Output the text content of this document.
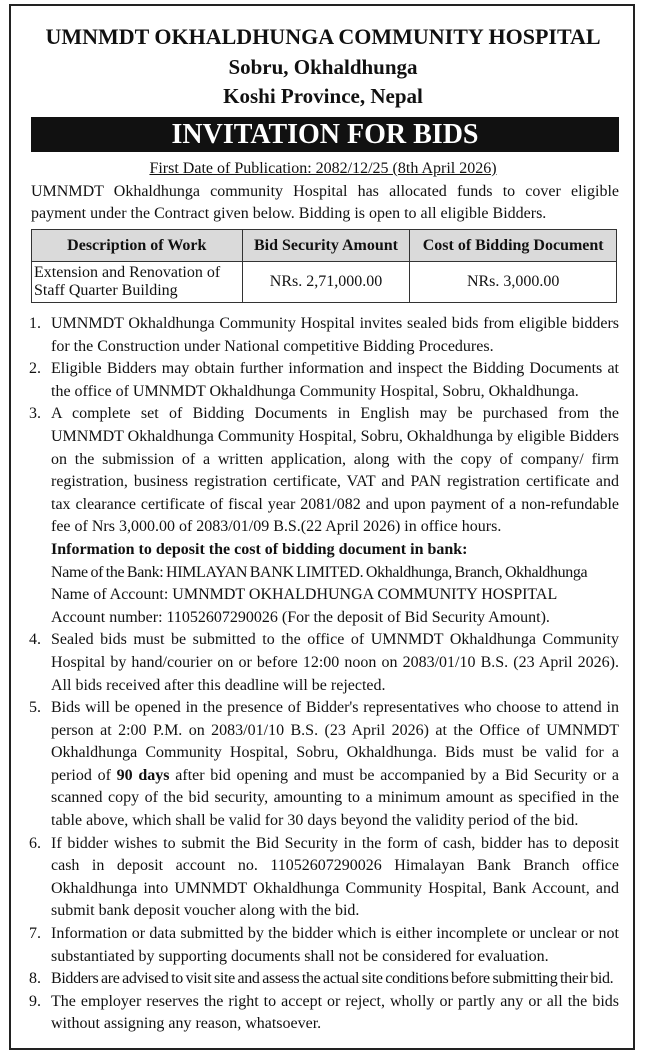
UMNMDT OKHALDHUNGA COMMUNITY HOSPITAL
Sobru, Okhaldhunga
Koshi Province, Nepal
INVITATION FOR BIDS
First Date of Publication: 2082/12/25 (8th April 2026)
UMNMDT Okhaldhunga community Hospital has allocated funds to cover eligible payment under the Contract given below. Bidding is open to all eligible Bidders.
Description of Work	Bid Security Amount	Cost of Bidding Document
Extension and Renovation of Staff Quarter Building	NRs. 2,71,000.00	NRs. 3,000.00
1. UMNMDT Okhaldhunga Community Hospital invites sealed bids from eligible bidders for the Construction under National competitive Bidding Procedures.
2. Eligible Bidders may obtain further information and inspect the Bidding Documents at the office of UMNMDT Okhaldhunga Community Hospital, Sobru, Okhaldhunga.
3. A complete set of Bidding Documents in English may be purchased from the UMNMDT Okhaldhunga Community Hospital, Sobru, Okhaldhunga by eligible Bidders on the submission of a written application, along with the copy of company/ firm registration, business registration certificate, VAT and PAN registration certificate and tax clearance certificate of fiscal year 2081/082 and upon payment of a non-refundable fee of Nrs 3,000.00 of 2083/01/09 B.S.(22 April 2026) in office hours.
Information to deposit the cost of bidding document in bank:
Name of the Bank: HIMLAYAN BANK LIMITED. Okhaldhunga, Branch, Okhaldhunga
Name of Account: UMNMDT OKHALDHUNGA COMMUNITY HOSPITAL
Account number: 11052607290026 (For the deposit of Bid Security Amount).
4. Sealed bids must be submitted to the office of UMNMDT Okhaldhunga Community Hospital by hand/courier on or before 12:00 noon on 2083/01/10 B.S. (23 April 2026). All bids received after this deadline will be rejected.
5. Bids will be opened in the presence of Bidder's representatives who choose to attend in person at 2:00 P.M. on 2083/01/10 B.S. (23 April 2026) at the Office of UMNMDT Okhaldhunga Community Hospital, Sobru, Okhaldhunga. Bids must be valid for a period of 90 days after bid opening and must be accompanied by a Bid Security or a scanned copy of the bid security, amounting to a minimum amount as specified in the table above, which shall be valid for 30 days beyond the validity period of the bid.
6. If bidder wishes to submit the Bid Security in the form of cash, bidder has to deposit cash in deposit account no. 11052607290026 Himalayan Bank Branch office Okhaldhunga into UMNMDT Okhaldhunga Community Hospital, Bank Account, and submit bank deposit voucher along with the bid.
7. Information or data submitted by the bidder which is either incomplete or unclear or not substantiated by supporting documents shall not be considered for evaluation.
8. Bidders are advised to visit site and assess the actual site conditions before submitting their bid.
9. The employer reserves the right to accept or reject, wholly or partly any or all the bids without assigning any reason, whatsoever.
